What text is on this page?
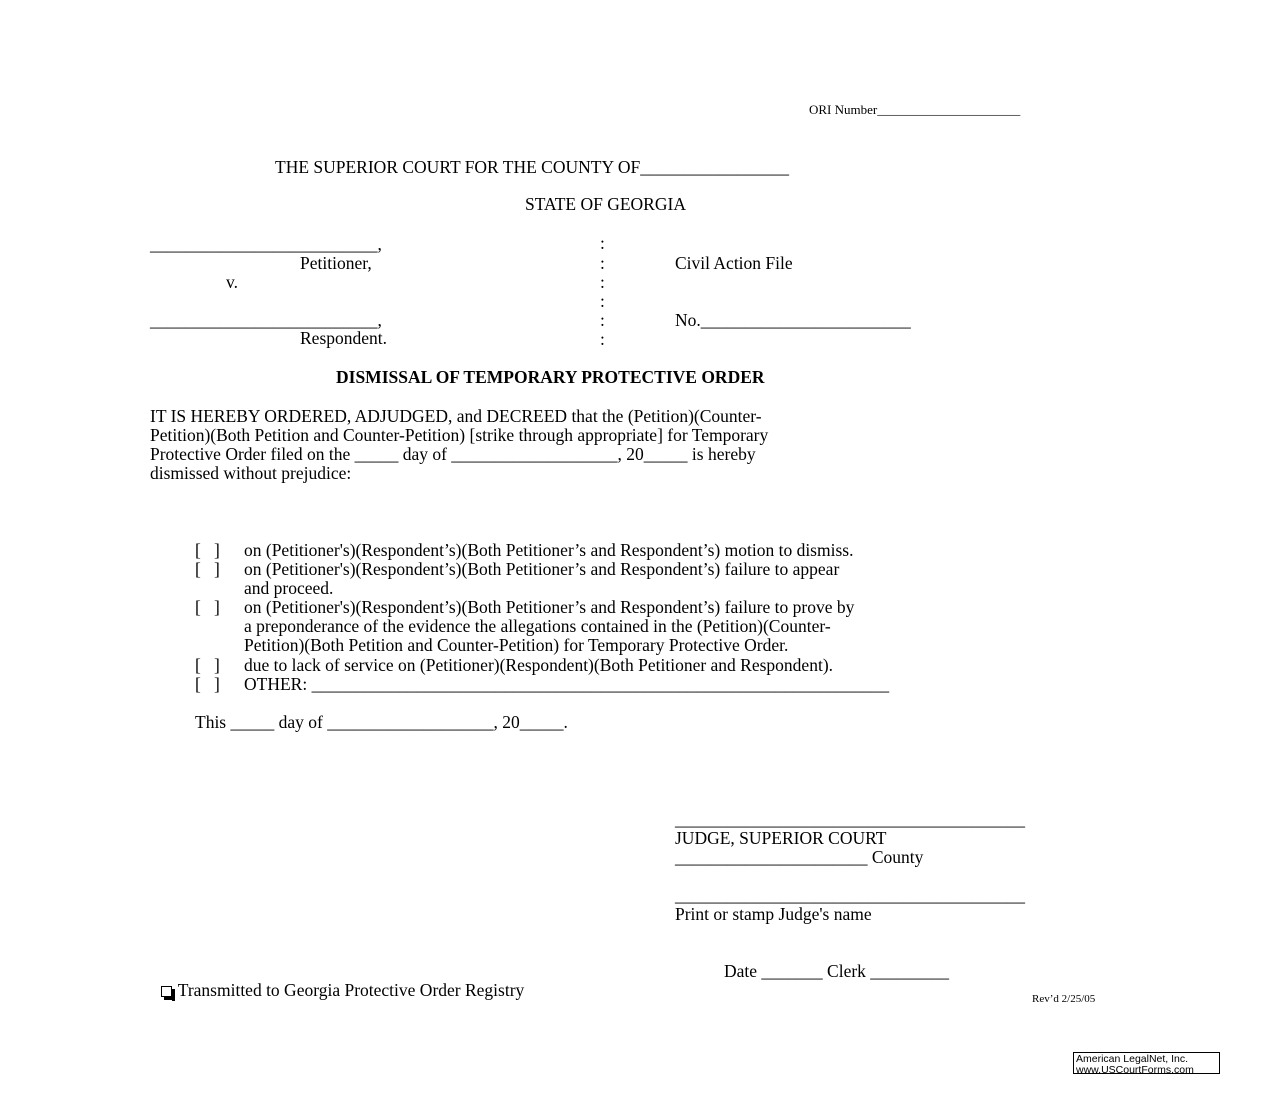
ORI Number______________________
THE SUPERIOR COURT FOR THE COUNTY OF_________________
STATE OF GEORGIA
__________________________,
Petitioner,
v.
__________________________,
Respondent.
:
:
:
:
:
:
Civil Action File
No.________________________
DISMISSAL OF TEMPORARY PROTECTIVE ORDER
IT IS HEREBY ORDERED, ADJUDGED, and DECREED that the (Petition)(Counter-
Petition)(Both Petition and Counter-Petition) [strike through appropriate] for Temporary
Protective Order filed on the _____ day of ___________________, 20_____ is hereby
dismissed without prejudice:
[   ] on (Petitioner's)(Respondent’s)(Both Petitioner’s and Respondent’s) motion to dismiss.
[   ] on (Petitioner's)(Respondent’s)(Both Petitioner’s and Respondent’s) failure to appear
and proceed.
[   ] on (Petitioner's)(Respondent’s)(Both Petitioner’s and Respondent’s) failure to prove by
a preponderance of the evidence the allegations contained in the (Petition)(Counter-
Petition)(Both Petition and Counter-Petition) for Temporary Protective Order.
[   ] due to lack of service on (Petitioner)(Respondent)(Both Petitioner and Respondent).
[   ] OTHER: __________________________________________________________________
This _____ day of ___________________, 20_____.
________________________________________
JUDGE, SUPERIOR COURT
______________________ County
________________________________________
Print or stamp Judge's name

Transmitted to Georgia Protective Order Registry

Date _______ Clerk _________
Rev’d 2/25/05
American LegalNet, Inc.
www.USCourtForms.com
